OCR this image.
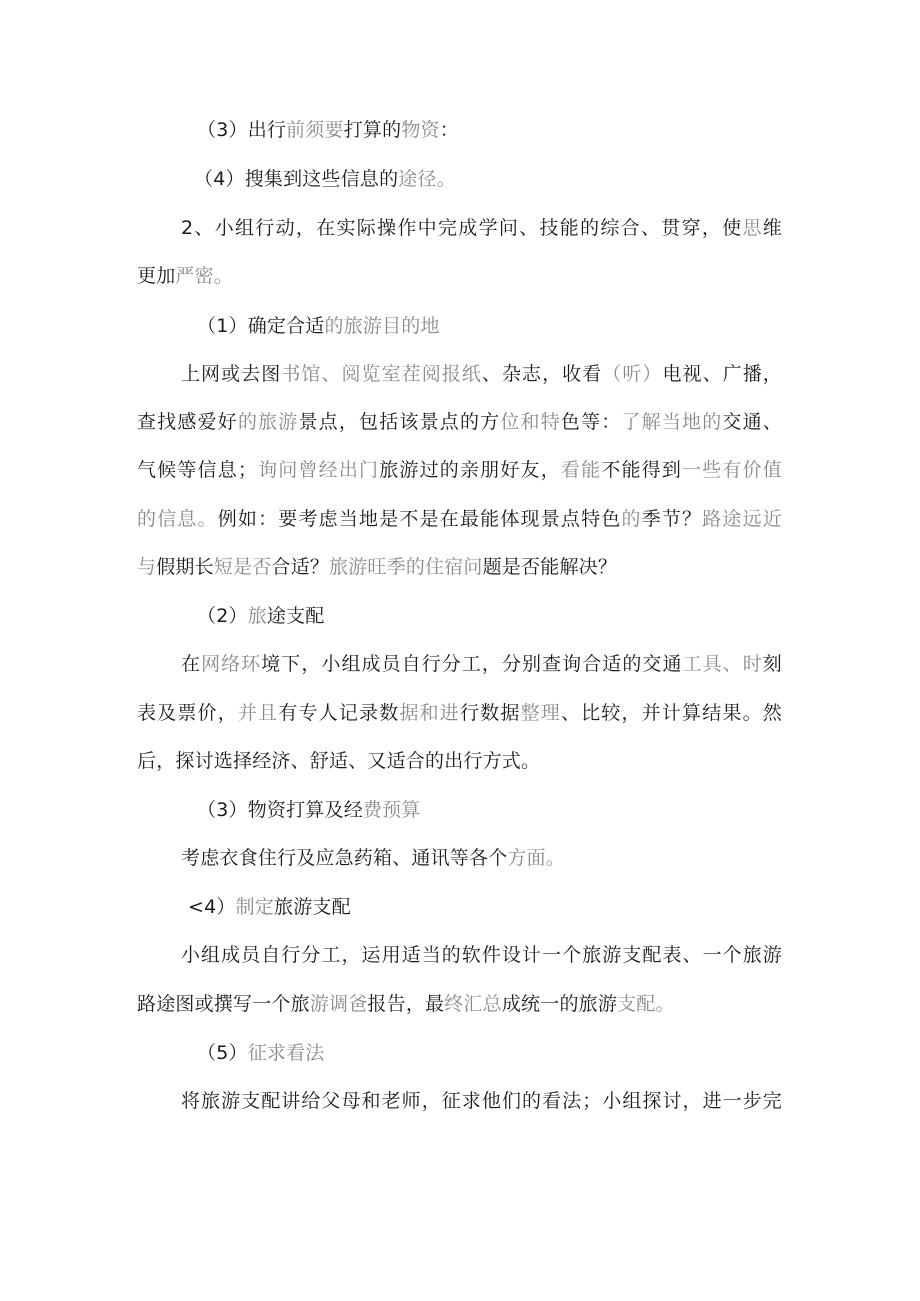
（3）出行前须要打算的物资：
（4）搜集到这些信息的途径。
2、小组行动，在实际操作中完成学问、技能的综合、贯穿，使思维
更加严密。
（1）确定合适的旅游目的地
上网或去图书馆、阅览室茬阅报纸、杂志，收看（听）电视、广播，
查找感爱好的旅游景点，包括该景点的方位和特色等：了解当地的交通、
气候等信息；询问曾经出门旅游过的亲朋好友，看能不能得到一些有价值
的信息。例如：要考虑当地是不是在最能体现景点特色的季节？路途远近
与假期长短是否合适？旅游旺季的住宿问题是否能解决？
（2）旅途支配
在网络环境下，小组成员自行分工，分别查询合适的交通工具、时刻
表及票价，并且有专人记录数据和进行数据整理、比较，并计算结果。然
后，探讨选择经济、舒适、又适合的出行方式。
（3）物资打算及经费预算
考虑衣食住行及应急药箱、通讯等各个方面。
<4）制定旅游支配
小组成员自行分工，运用适当的软件设计一个旅游支配表、一个旅游
路途图或撰写一个旅游调爸报告，最终汇总成统一的旅游支配。
（5）征求看法
将旅游支配讲给父母和老师，征求他们的看法；小组探讨，进一步完
